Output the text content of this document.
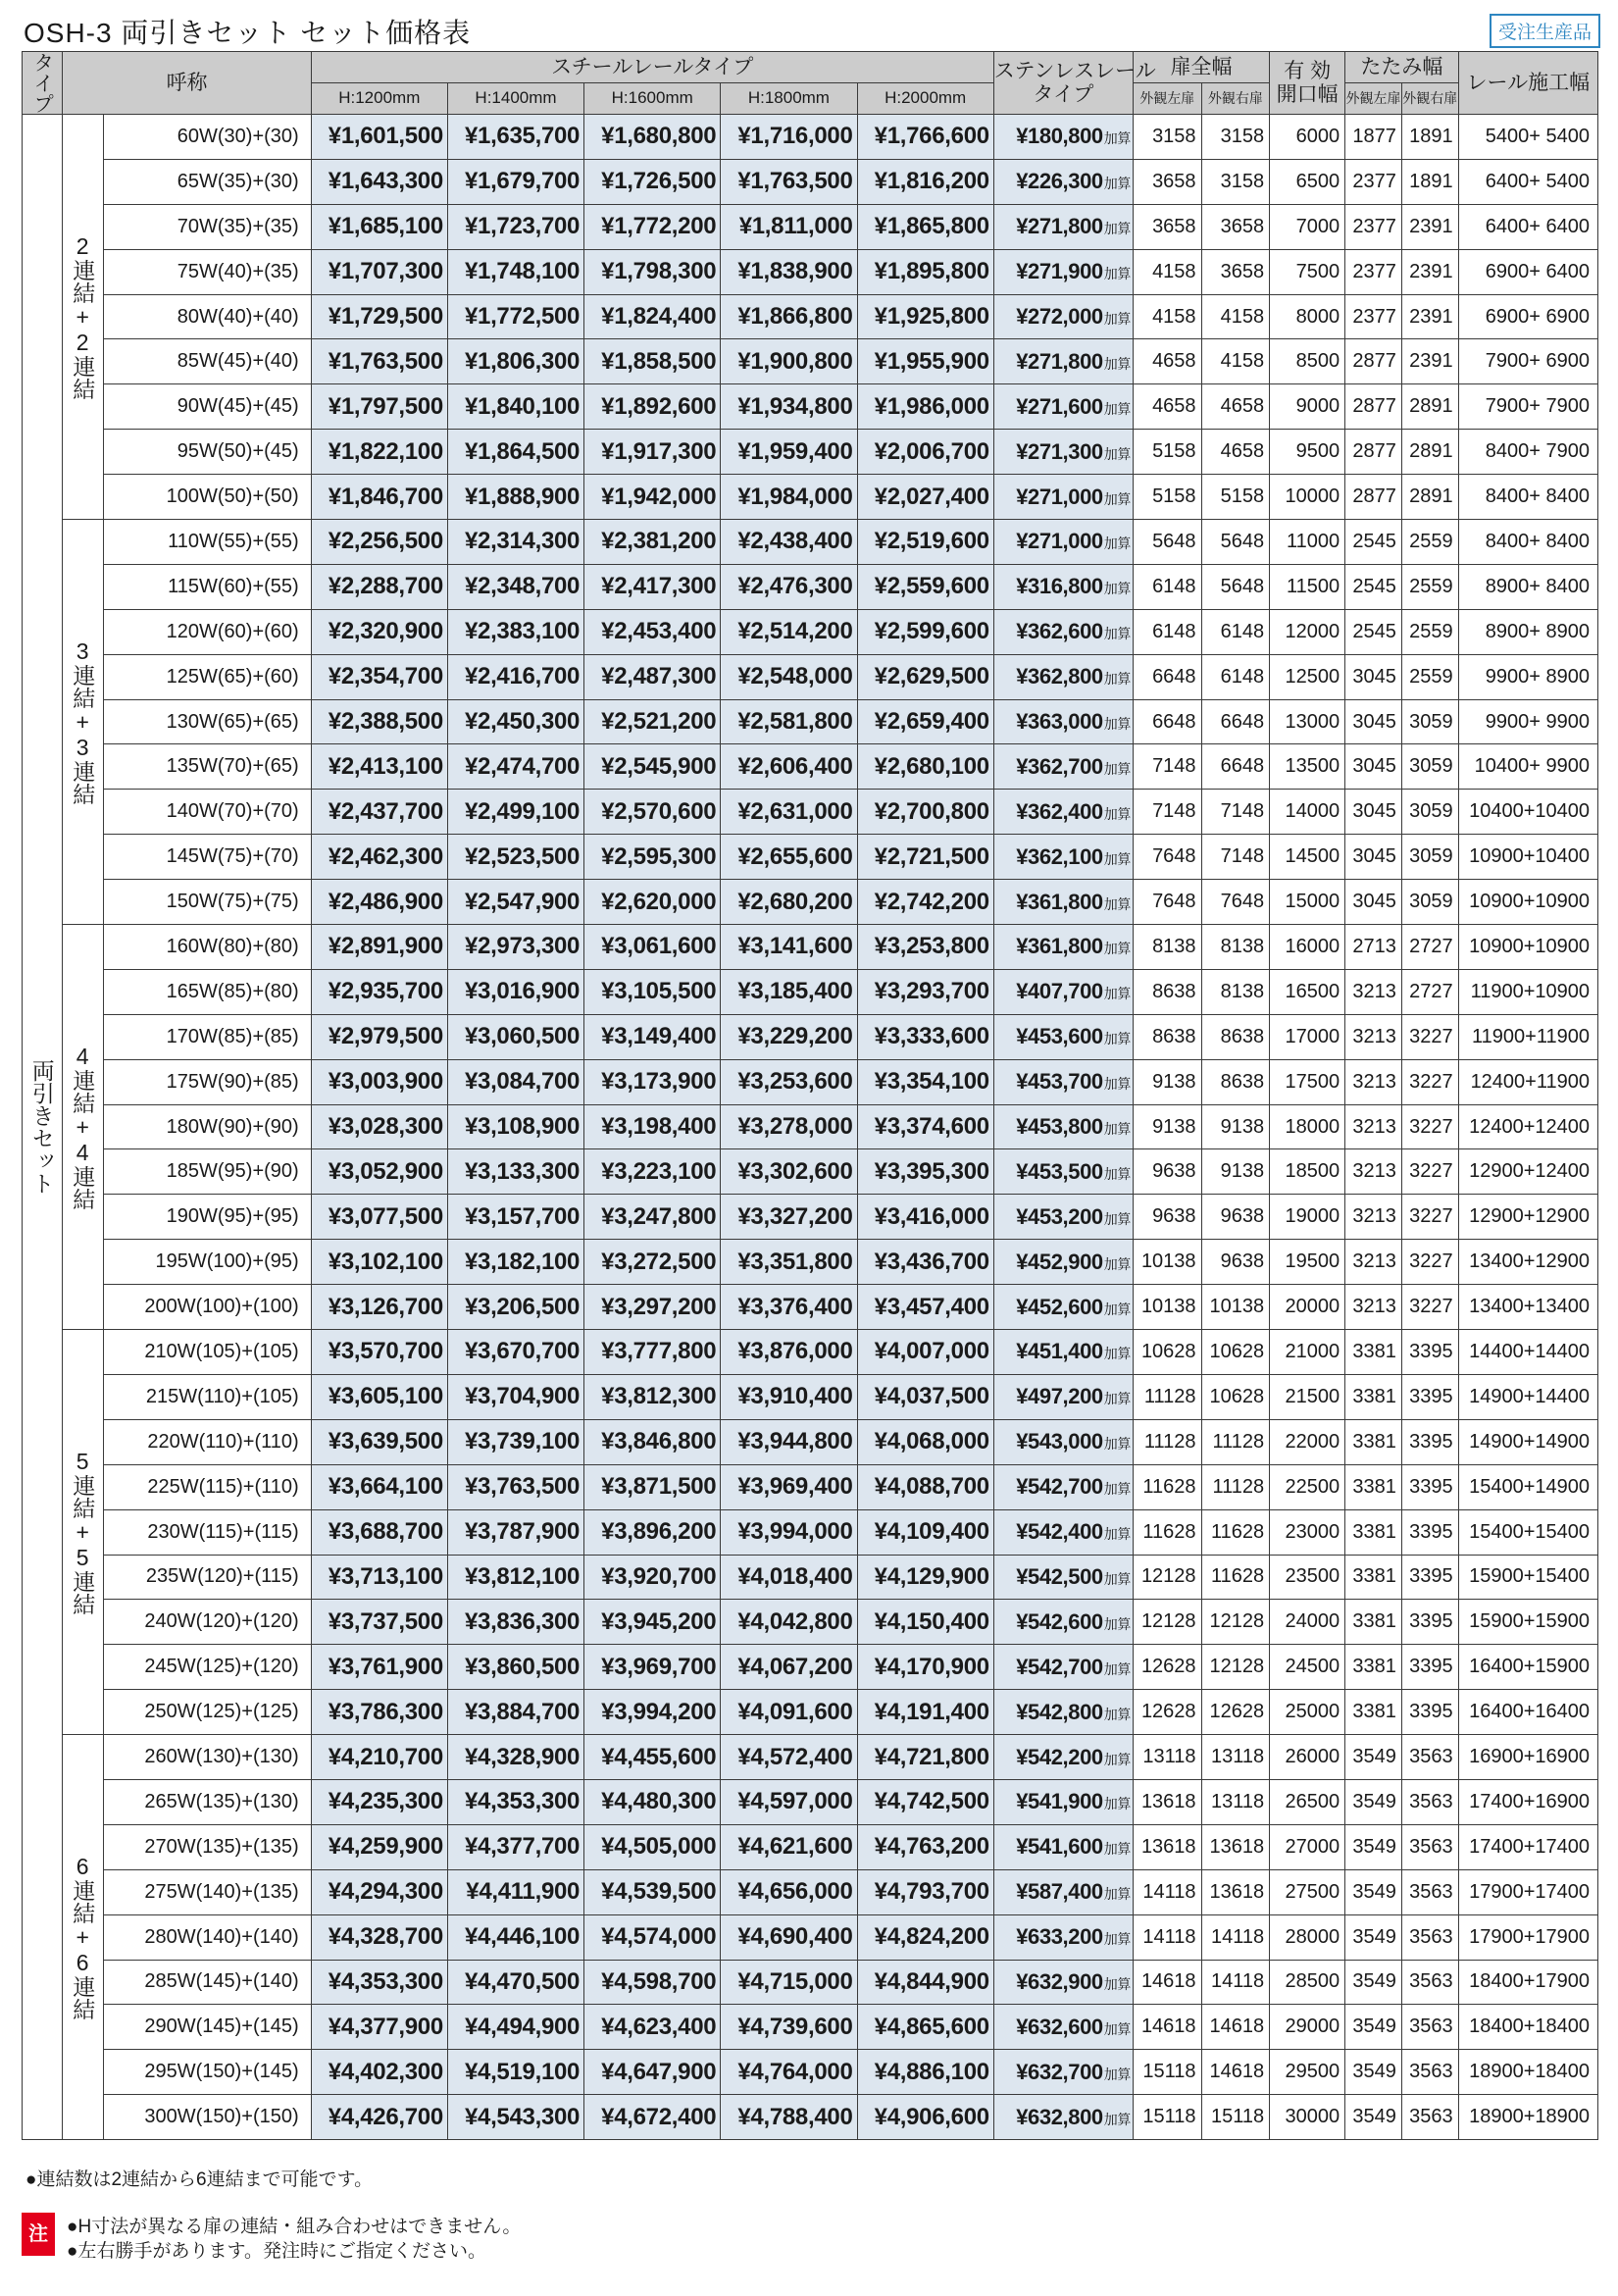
OSH-3 両引きセット セット価格表	受注生産品
タイプ	呼称		スチールレールタイプ					ステンレスレール
タイプ	扉全幅		有 効
開口幅	たたみ幅		レール施工幅
			H:1200mm	H:1400mm	H:1600mm	H:1800mm	H:2000mm		外観左扉	外観右扉		外観左扉	外観右扉	
両引きセット	2連結+2連結	60W(30)+(30)	¥1,601,500	¥1,635,700	¥1,680,800	¥1,716,000	¥1,766,600	¥180,800加算	3158	3158	6000	1877	1891	5400+ 5400
		65W(35)+(30)	¥1,643,300	¥1,679,700	¥1,726,500	¥1,763,500	¥1,816,200	¥226,300加算	3658	3158	6500	2377	1891	6400+ 5400
		70W(35)+(35)	¥1,685,100	¥1,723,700	¥1,772,200	¥1,811,000	¥1,865,800	¥271,800加算	3658	3658	7000	2377	2391	6400+ 6400
		75W(40)+(35)	¥1,707,300	¥1,748,100	¥1,798,300	¥1,838,900	¥1,895,800	¥271,900加算	4158	3658	7500	2377	2391	6900+ 6400
		80W(40)+(40)	¥1,729,500	¥1,772,500	¥1,824,400	¥1,866,800	¥1,925,800	¥272,000加算	4158	4158	8000	2377	2391	6900+ 6900
		85W(45)+(40)	¥1,763,500	¥1,806,300	¥1,858,500	¥1,900,800	¥1,955,900	¥271,800加算	4658	4158	8500	2877	2391	7900+ 6900
		90W(45)+(45)	¥1,797,500	¥1,840,100	¥1,892,600	¥1,934,800	¥1,986,000	¥271,600加算	4658	4658	9000	2877	2891	7900+ 7900
		95W(50)+(45)	¥1,822,100	¥1,864,500	¥1,917,300	¥1,959,400	¥2,006,700	¥271,300加算	5158	4658	9500	2877	2891	8400+ 7900
		100W(50)+(50)	¥1,846,700	¥1,888,900	¥1,942,000	¥1,984,000	¥2,027,400	¥271,000加算	5158	5158	10000	2877	2891	8400+ 8400
	3連結+3連結	110W(55)+(55)	¥2,256,500	¥2,314,300	¥2,381,200	¥2,438,400	¥2,519,600	¥271,000加算	5648	5648	11000	2545	2559	8400+ 8400
		115W(60)+(55)	¥2,288,700	¥2,348,700	¥2,417,300	¥2,476,300	¥2,559,600	¥316,800加算	6148	5648	11500	2545	2559	8900+ 8400
		120W(60)+(60)	¥2,320,900	¥2,383,100	¥2,453,400	¥2,514,200	¥2,599,600	¥362,600加算	6148	6148	12000	2545	2559	8900+ 8900
		125W(65)+(60)	¥2,354,700	¥2,416,700	¥2,487,300	¥2,548,000	¥2,629,500	¥362,800加算	6648	6148	12500	3045	2559	9900+ 8900
		130W(65)+(65)	¥2,388,500	¥2,450,300	¥2,521,200	¥2,581,800	¥2,659,400	¥363,000加算	6648	6648	13000	3045	3059	9900+ 9900
		135W(70)+(65)	¥2,413,100	¥2,474,700	¥2,545,900	¥2,606,400	¥2,680,100	¥362,700加算	7148	6648	13500	3045	3059	10400+ 9900
		140W(70)+(70)	¥2,437,700	¥2,499,100	¥2,570,600	¥2,631,000	¥2,700,800	¥362,400加算	7148	7148	14000	3045	3059	10400+10400
		145W(75)+(70)	¥2,462,300	¥2,523,500	¥2,595,300	¥2,655,600	¥2,721,500	¥362,100加算	7648	7148	14500	3045	3059	10900+10400
		150W(75)+(75)	¥2,486,900	¥2,547,900	¥2,620,000	¥2,680,200	¥2,742,200	¥361,800加算	7648	7648	15000	3045	3059	10900+10900
	4連結+4連結	160W(80)+(80)	¥2,891,900	¥2,973,300	¥3,061,600	¥3,141,600	¥3,253,800	¥361,800加算	8138	8138	16000	2713	2727	10900+10900
		165W(85)+(80)	¥2,935,700	¥3,016,900	¥3,105,500	¥3,185,400	¥3,293,700	¥407,700加算	8638	8138	16500	3213	2727	11900+10900
		170W(85)+(85)	¥2,979,500	¥3,060,500	¥3,149,400	¥3,229,200	¥3,333,600	¥453,600加算	8638	8638	17000	3213	3227	11900+11900
		175W(90)+(85)	¥3,003,900	¥3,084,700	¥3,173,900	¥3,253,600	¥3,354,100	¥453,700加算	9138	8638	17500	3213	3227	12400+11900
		180W(90)+(90)	¥3,028,300	¥3,108,900	¥3,198,400	¥3,278,000	¥3,374,600	¥453,800加算	9138	9138	18000	3213	3227	12400+12400
		185W(95)+(90)	¥3,052,900	¥3,133,300	¥3,223,100	¥3,302,600	¥3,395,300	¥453,500加算	9638	9138	18500	3213	3227	12900+12400
		190W(95)+(95)	¥3,077,500	¥3,157,700	¥3,247,800	¥3,327,200	¥3,416,000	¥453,200加算	9638	9638	19000	3213	3227	12900+12900
		195W(100)+(95)	¥3,102,100	¥3,182,100	¥3,272,500	¥3,351,800	¥3,436,700	¥452,900加算	10138	9638	19500	3213	3227	13400+12900
		200W(100)+(100)	¥3,126,700	¥3,206,500	¥3,297,200	¥3,376,400	¥3,457,400	¥452,600加算	10138	10138	20000	3213	3227	13400+13400
	5連結+5連結	210W(105)+(105)	¥3,570,700	¥3,670,700	¥3,777,800	¥3,876,000	¥4,007,000	¥451,400加算	10628	10628	21000	3381	3395	14400+14400
		215W(110)+(105)	¥3,605,100	¥3,704,900	¥3,812,300	¥3,910,400	¥4,037,500	¥497,200加算	11128	10628	21500	3381	3395	14900+14400
		220W(110)+(110)	¥3,639,500	¥3,739,100	¥3,846,800	¥3,944,800	¥4,068,000	¥543,000加算	11128	11128	22000	3381	3395	14900+14900
		225W(115)+(110)	¥3,664,100	¥3,763,500	¥3,871,500	¥3,969,400	¥4,088,700	¥542,700加算	11628	11128	22500	3381	3395	15400+14900
		230W(115)+(115)	¥3,688,700	¥3,787,900	¥3,896,200	¥3,994,000	¥4,109,400	¥542,400加算	11628	11628	23000	3381	3395	15400+15400
		235W(120)+(115)	¥3,713,100	¥3,812,100	¥3,920,700	¥4,018,400	¥4,129,900	¥542,500加算	12128	11628	23500	3381	3395	15900+15400
		240W(120)+(120)	¥3,737,500	¥3,836,300	¥3,945,200	¥4,042,800	¥4,150,400	¥542,600加算	12128	12128	24000	3381	3395	15900+15900
		245W(125)+(120)	¥3,761,900	¥3,860,500	¥3,969,700	¥4,067,200	¥4,170,900	¥542,700加算	12628	12128	24500	3381	3395	16400+15900
		250W(125)+(125)	¥3,786,300	¥3,884,700	¥3,994,200	¥4,091,600	¥4,191,400	¥542,800加算	12628	12628	25000	3381	3395	16400+16400
	6連結+6連結	260W(130)+(130)	¥4,210,700	¥4,328,900	¥4,455,600	¥4,572,400	¥4,721,800	¥542,200加算	13118	13118	26000	3549	3563	16900+16900
		265W(135)+(130)	¥4,235,300	¥4,353,300	¥4,480,300	¥4,597,000	¥4,742,500	¥541,900加算	13618	13118	26500	3549	3563	17400+16900
		270W(135)+(135)	¥4,259,900	¥4,377,700	¥4,505,000	¥4,621,600	¥4,763,200	¥541,600加算	13618	13618	27000	3549	3563	17400+17400
		275W(140)+(135)	¥4,294,300	¥4,411,900	¥4,539,500	¥4,656,000	¥4,793,700	¥587,400加算	14118	13618	27500	3549	3563	17900+17400
		280W(140)+(140)	¥4,328,700	¥4,446,100	¥4,574,000	¥4,690,400	¥4,824,200	¥633,200加算	14118	14118	28000	3549	3563	17900+17900
		285W(145)+(140)	¥4,353,300	¥4,470,500	¥4,598,700	¥4,715,000	¥4,844,900	¥632,900加算	14618	14118	28500	3549	3563	18400+17900
		290W(145)+(145)	¥4,377,900	¥4,494,900	¥4,623,400	¥4,739,600	¥4,865,600	¥632,600加算	14618	14618	29000	3549	3563	18400+18400
		295W(150)+(145)	¥4,402,300	¥4,519,100	¥4,647,900	¥4,764,000	¥4,886,100	¥632,700加算	15118	14618	29500	3549	3563	18900+18400
		300W(150)+(150)	¥4,426,700	¥4,543,300	¥4,672,400	¥4,788,400	¥4,906,600	¥632,800加算	15118	15118	30000	3549	3563	18900+18900
●連結数は2連結から6連結まで可能です。
注	●H寸法が異なる扉の連結・組み合わせはできません。
●左右勝手があります。発注時にご指定ください。
